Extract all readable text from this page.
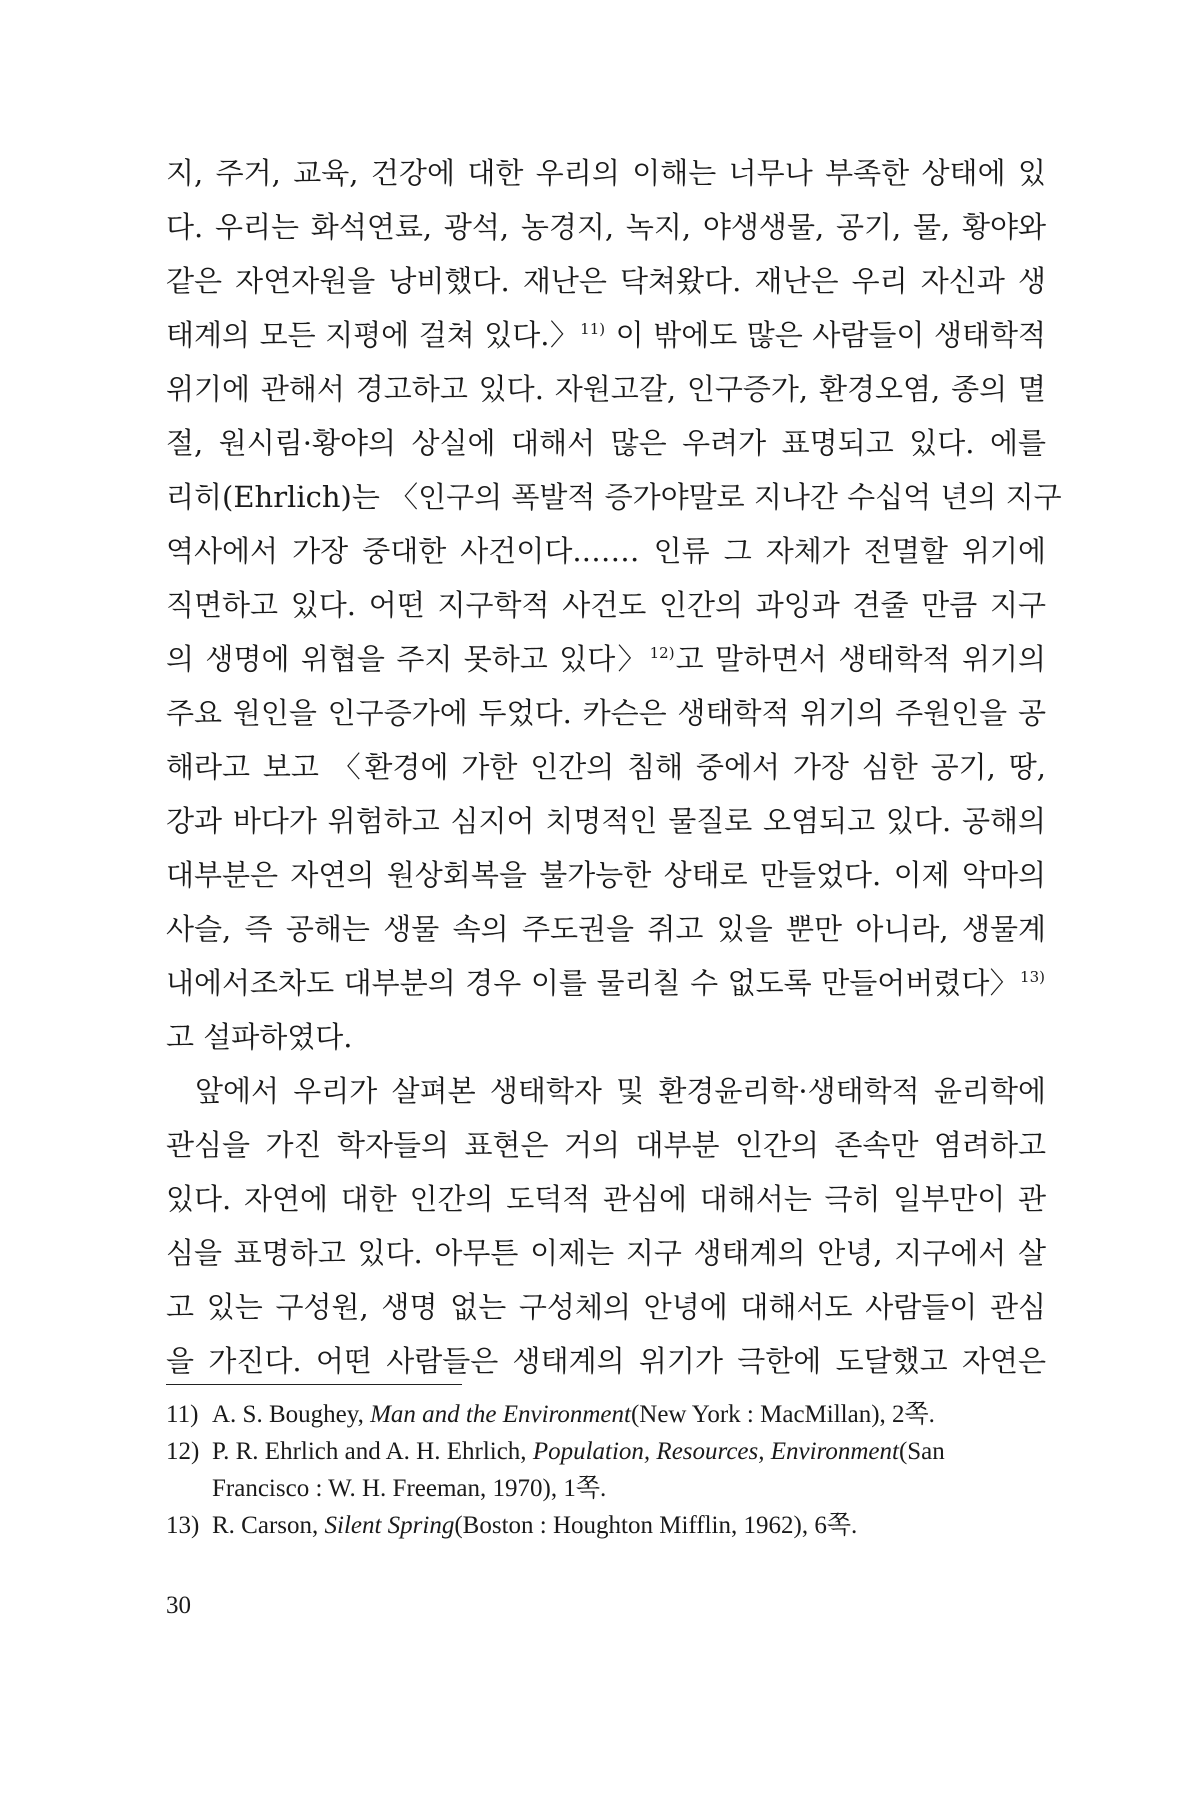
지, 주거, 교육, 건강에 대한 우리의 이해는 너무나 부족한 상태에 있
다. 우리는 화석연료, 광석, 농경지, 녹지, 야생생물, 공기, 물, 황야와
같은 자연자원을 낭비했다. 재난은 닥쳐왔다. 재난은 우리 자신과 생
태계의 모든 지평에 걸쳐 있다.〉$^{11)}$ 이 밖에도 많은 사람들이 생태학적
위기에 관해서 경고하고 있다. 자원고갈, 인구증가, 환경오염, 종의 멸
절, 원시림·황야의 상실에 대해서 많은 우려가 표명되고 있다. 에를
리히(Ehrlich)는 〈인구의 폭발적 증가야말로 지나간 수십억 년의 지구
역사에서 가장 중대한 사건이다.…… 인류 그 자체가 전멸할 위기에
직면하고 있다. 어떤 지구학적 사건도 인간의 과잉과 견줄 만큼 지구
의 생명에 위협을 주지 못하고 있다〉$^{12)}$고 말하면서 생태학적 위기의
주요 원인을 인구증가에 두었다. 카슨은 생태학적 위기의 주원인을 공
해라고 보고 〈환경에 가한 인간의 침해 중에서 가장 심한 공기, 땅,
강과 바다가 위험하고 심지어 치명적인 물질로 오염되고 있다. 공해의
대부분은 자연의 원상회복을 불가능한 상태로 만들었다. 이제 악마의
사슬, 즉 공해는 생물 속의 주도권을 쥐고 있을 뿐만 아니라, 생물계
내에서조차도 대부분의 경우 이를 물리칠 수 없도록 만들어버렸다〉$^{13)}$
고 설파하였다.
앞에서 우리가 살펴본 생태학자 및 환경윤리학·생태학적 윤리학에
관심을 가진 학자들의 표현은 거의 대부분 인간의 존속만 염려하고
있다. 자연에 대한 인간의 도덕적 관심에 대해서는 극히 일부만이 관
심을 표명하고 있다. 아무튼 이제는 지구 생태계의 안녕, 지구에서 살
고 있는 구성원, 생명 없는 구성체의 안녕에 대해서도 사람들이 관심
을 가진다. 어떤 사람들은 생태계의 위기가 극한에 도달했고 자연은
11) A. S. Boughey, Man and the Environment(New York : MacMillan), 2쪽.
12) P. R. Ehrlich and A. H. Ehrlich, Population, Resources, Environment(San
Francisco : W. H. Freeman, 1970), 1쪽.
13) R. Carson, Silent Spring(Boston : Houghton Mifflin, 1962), 6쪽.
30
